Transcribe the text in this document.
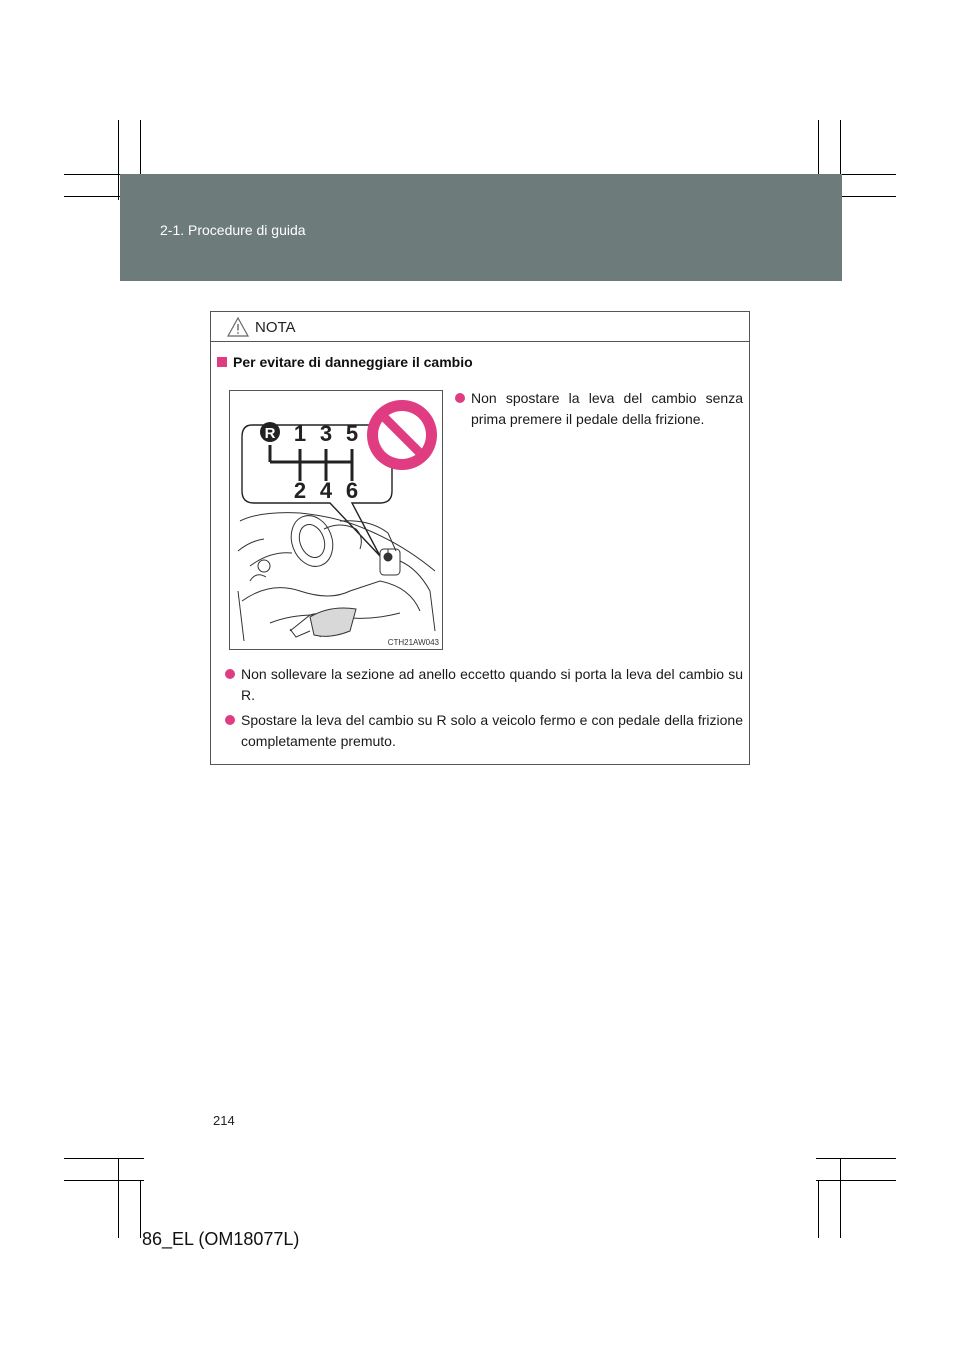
2-1. Procedure di guida
NOTA
Per evitare di danneggiare il cambio
R 1 3 5
2 4 6
CTH21AW043
Non spostare la leva del cambio senza prima premere il pedale della frizione.
Non sollevare la sezione ad anello eccetto quando si porta la leva del cambio su R.
Spostare la leva del cambio su R solo a veicolo fermo e con pedale della frizione completamente premuto.
214
86_EL (OM18077L)
